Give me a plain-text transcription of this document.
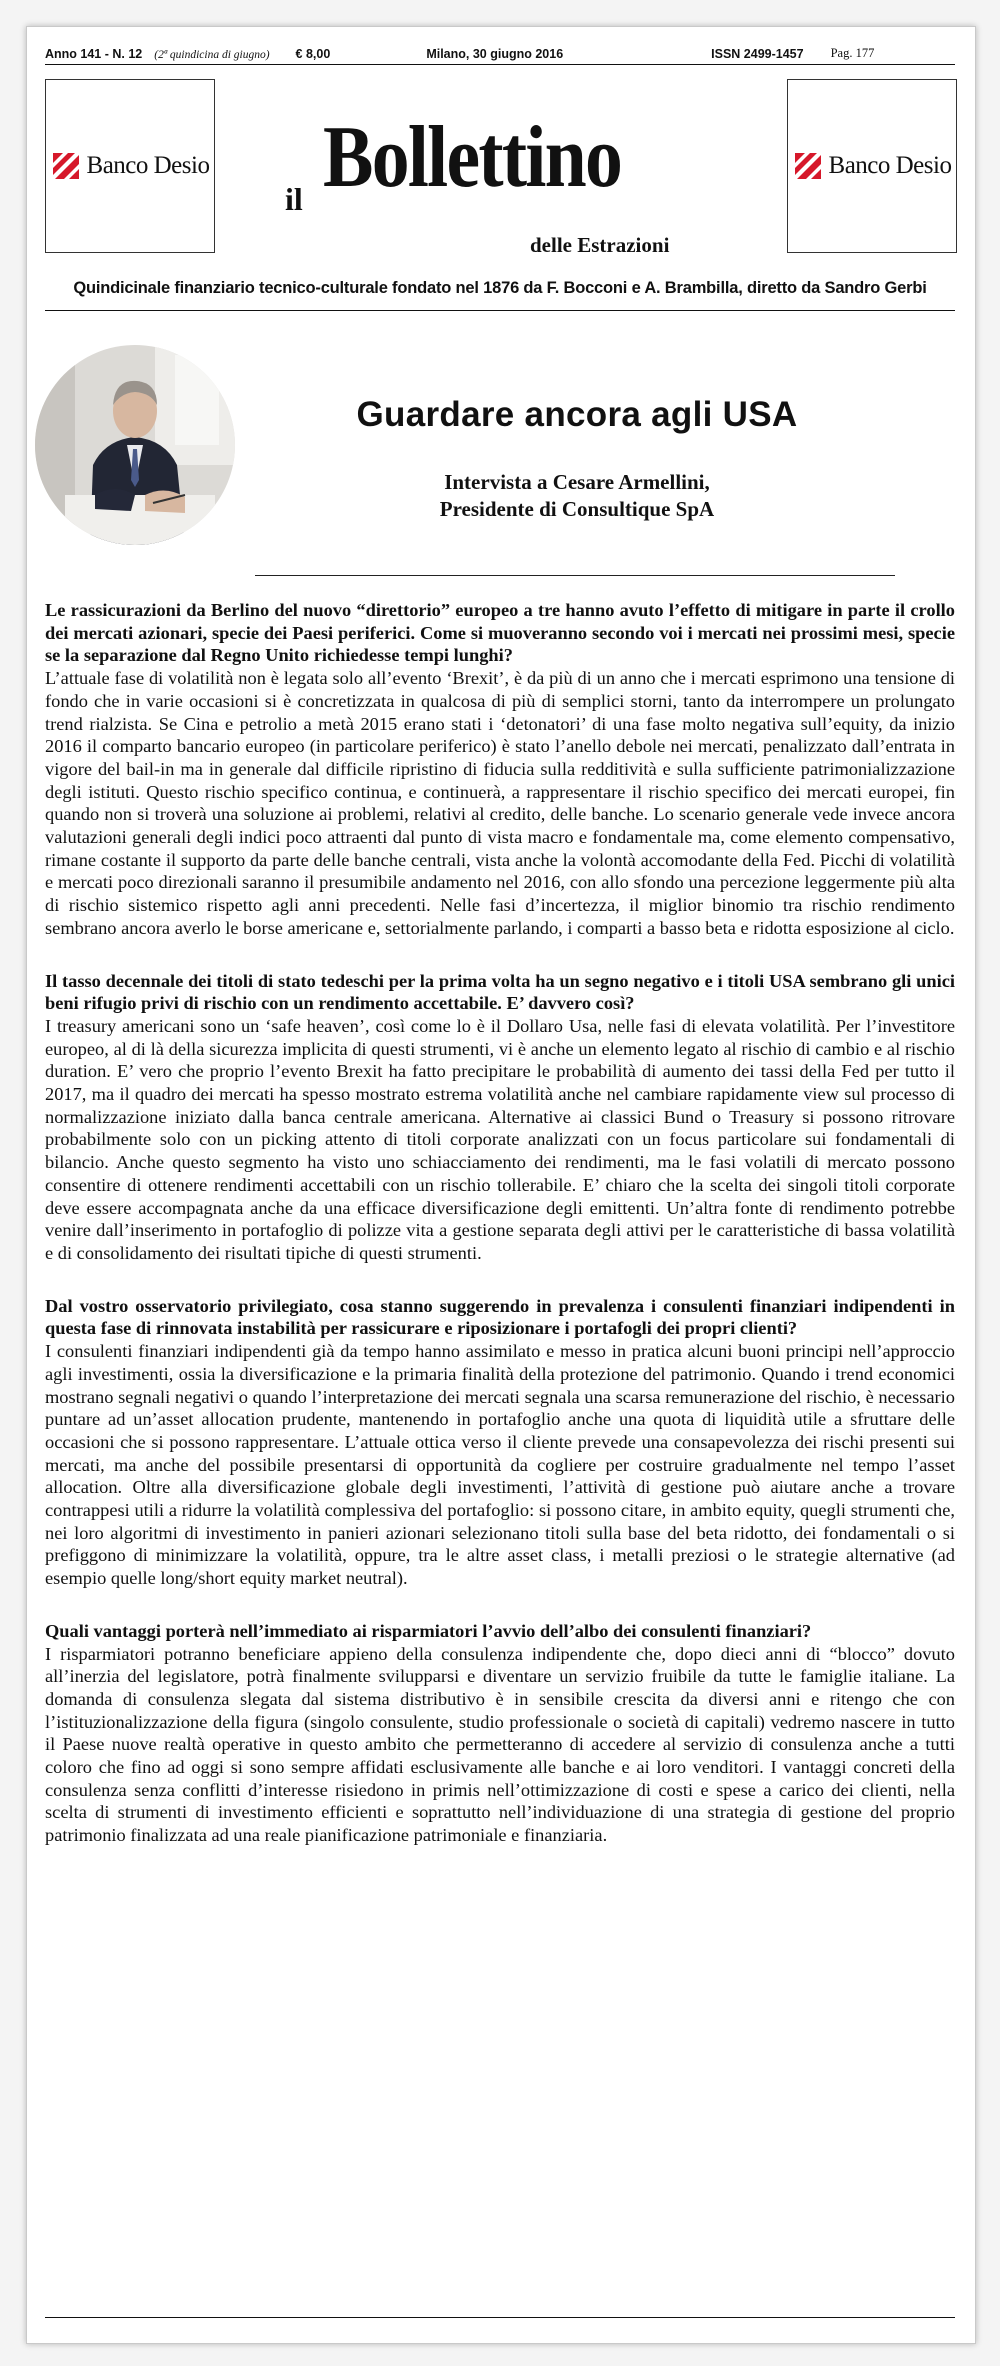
Anno 141 - N. 12 (2ª quindicina di giugno) € 8,00	Milano, 30 giugno 2016	ISSN 2499-1457 Pag. 177
Banco Desio	Banco Desio
il Bollettino
delle Estrazioni
Quindicinale finanziario tecnico-culturale fondato nel 1876 da F. Bocconi e A. Brambilla, diretto da Sandro Gerbi
Guardare ancora agli USA
Intervista a Cesare Armellini,
Presidente di Consultique SpA

Le rassicurazioni da Berlino del nuovo “direttorio” europeo a tre hanno avuto l’effetto di mitigare in parte il crollo dei mercati azionari, specie dei Paesi periferici. Come si muoveranno secondo voi i mercati nei prossimi mesi, specie se la separazione dal Regno Unito richiedesse tempi lunghi?

L’attuale fase di volatilità non è legata solo all’evento ‘Brexit’, è da più di un anno che i mercati esprimono una tensione di fondo che in varie occasioni si è concretizzata in qualcosa di più di semplici storni, tanto da interrompere un prolungato trend rialzista. Se Cina e petrolio a metà 2015 erano stati i ‘detonatori’ di una fase molto negativa sull’equity, da inizio 2016 il comparto bancario europeo (in particolare periferico) è stato l’anello debole nei mercati, penalizzato dall’entrata in vigore del bail-in ma in generale dal difficile ripristino di fiducia sulla redditività e sulla sufficiente patrimonializzazione degli istituti. Questo rischio specifico continua, e continuerà, a rappresentare il rischio specifico dei mercati europei, fin quando non si troverà una soluzione ai problemi, relativi al credito, delle banche. Lo scenario generale vede invece ancora valutazioni generali degli indici poco attraenti dal punto di vista macro e fondamentale ma, come elemento compensativo, rimane costante il supporto da parte delle banche centrali, vista anche la volontà accomodante della Fed. Picchi di volatilità e mercati poco direzionali saranno il presumibile andamento nel 2016, con allo sfondo una percezione leggermente più alta di rischio sistemico rispetto agli anni precedenti. Nelle fasi d’incertezza, il miglior binomio tra rischio rendimento sembrano ancora averlo le borse americane e, settorialmente parlando, i comparti a basso beta e ridotta esposizione al ciclo.

Il tasso decennale dei titoli di stato tedeschi per la prima volta ha un segno negativo e i titoli USA sembrano gli unici beni rifugio privi di rischio con un rendimento accettabile. E’ davvero così?

I treasury americani sono un ‘safe heaven’, così come lo è il Dollaro Usa, nelle fasi di elevata volatilità. Per l’investitore europeo, al di là della sicurezza implicita di questi strumenti, vi è anche un elemento legato al rischio di cambio e al rischio duration. E’ vero che proprio l’evento Brexit ha fatto precipitare le probabilità di aumento dei tassi della Fed per tutto il 2017, ma il quadro dei mercati ha spesso mostrato estrema volatilità anche nel cambiare rapidamente view sul processo di normalizzazione iniziato dalla banca centrale americana. Alternative ai classici Bund o Treasury si possono ritrovare probabilmente solo con un picking attento di titoli corporate analizzati con un focus particolare sui fondamentali di bilancio. Anche questo segmento ha visto uno schiacciamento dei rendimenti, ma le fasi volatili di mercato possono consentire di ottenere rendimenti accettabili con un rischio tollerabile. E’ chiaro che la scelta dei singoli titoli corporate deve essere accompagnata anche da una efficace diversificazione degli emittenti. Un’altra fonte di rendimento potrebbe venire dall’inserimento in portafoglio di polizze vita a gestione separata degli attivi per le caratteristiche di bassa volatilità e di consolidamento dei risultati tipiche di questi strumenti.

Dal vostro osservatorio privilegiato, cosa stanno suggerendo in prevalenza i consulenti finanziari indipendenti in questa fase di rinnovata instabilità per rassicurare e riposizionare i portafogli dei propri clienti?

I consulenti finanziari indipendenti già da tempo hanno assimilato e messo in pratica alcuni buoni principi nell’approccio agli investimenti, ossia la diversificazione e la primaria finalità della protezione del patrimonio. Quando i trend economici mostrano segnali negativi o quando l’interpretazione dei mercati segnala una scarsa remunerazione del rischio, è necessario puntare ad un’asset allocation prudente, mantenendo in portafoglio anche una quota di liquidità utile a sfruttare delle occasioni che si possono rappresentare. L’attuale ottica verso il cliente prevede una consapevolezza dei rischi presenti sui mercati, ma anche del possibile presentarsi di opportunità da cogliere per costruire gradualmente nel tempo l’asset allocation. Oltre alla diversificazione globale degli investimenti, l’attività di gestione può aiutare anche a trovare contrappesi utili a ridurre la volatilità complessiva del portafoglio: si possono citare, in ambito equity, quegli strumenti che, nei loro algoritmi di investimento in panieri azionari selezionano titoli sulla base del beta ridotto, dei fondamentali o si prefiggono di minimizzare la volatilità, oppure, tra le altre asset class, i metalli preziosi o le strategie alternative (ad esempio quelle long/short equity market neutral).

Quali vantaggi porterà nell’immediato ai risparmiatori l’avvio dell’albo dei consulenti finanziari?

I risparmiatori potranno beneficiare appieno della consulenza indipendente che, dopo dieci anni di “blocco” dovuto all’inerzia del legislatore, potrà finalmente svilupparsi e diventare un servizio fruibile da tutte le famiglie italiane. La domanda di consulenza slegata dal sistema distributivo è in sensibile crescita da diversi anni e ritengo che con l’istituzionalizzazione della figura (singolo consulente, studio professionale o società di capitali) vedremo nascere in tutto il Paese nuove realtà operative in questo ambito che permetteranno di accedere al servizio di consulenza anche a tutti coloro che fino ad oggi si sono sempre affidati esclusivamente alle banche e ai loro venditori. I vantaggi concreti della consulenza senza conflitti d’interesse risiedono in primis nell’ottimizzazione di costi e spese a carico dei clienti, nella scelta di strumenti di investimento efficienti e soprattutto nell’individuazione di una strategia di gestione del proprio patrimonio finalizzata ad una reale pianificazione patrimoniale e finanziaria.
